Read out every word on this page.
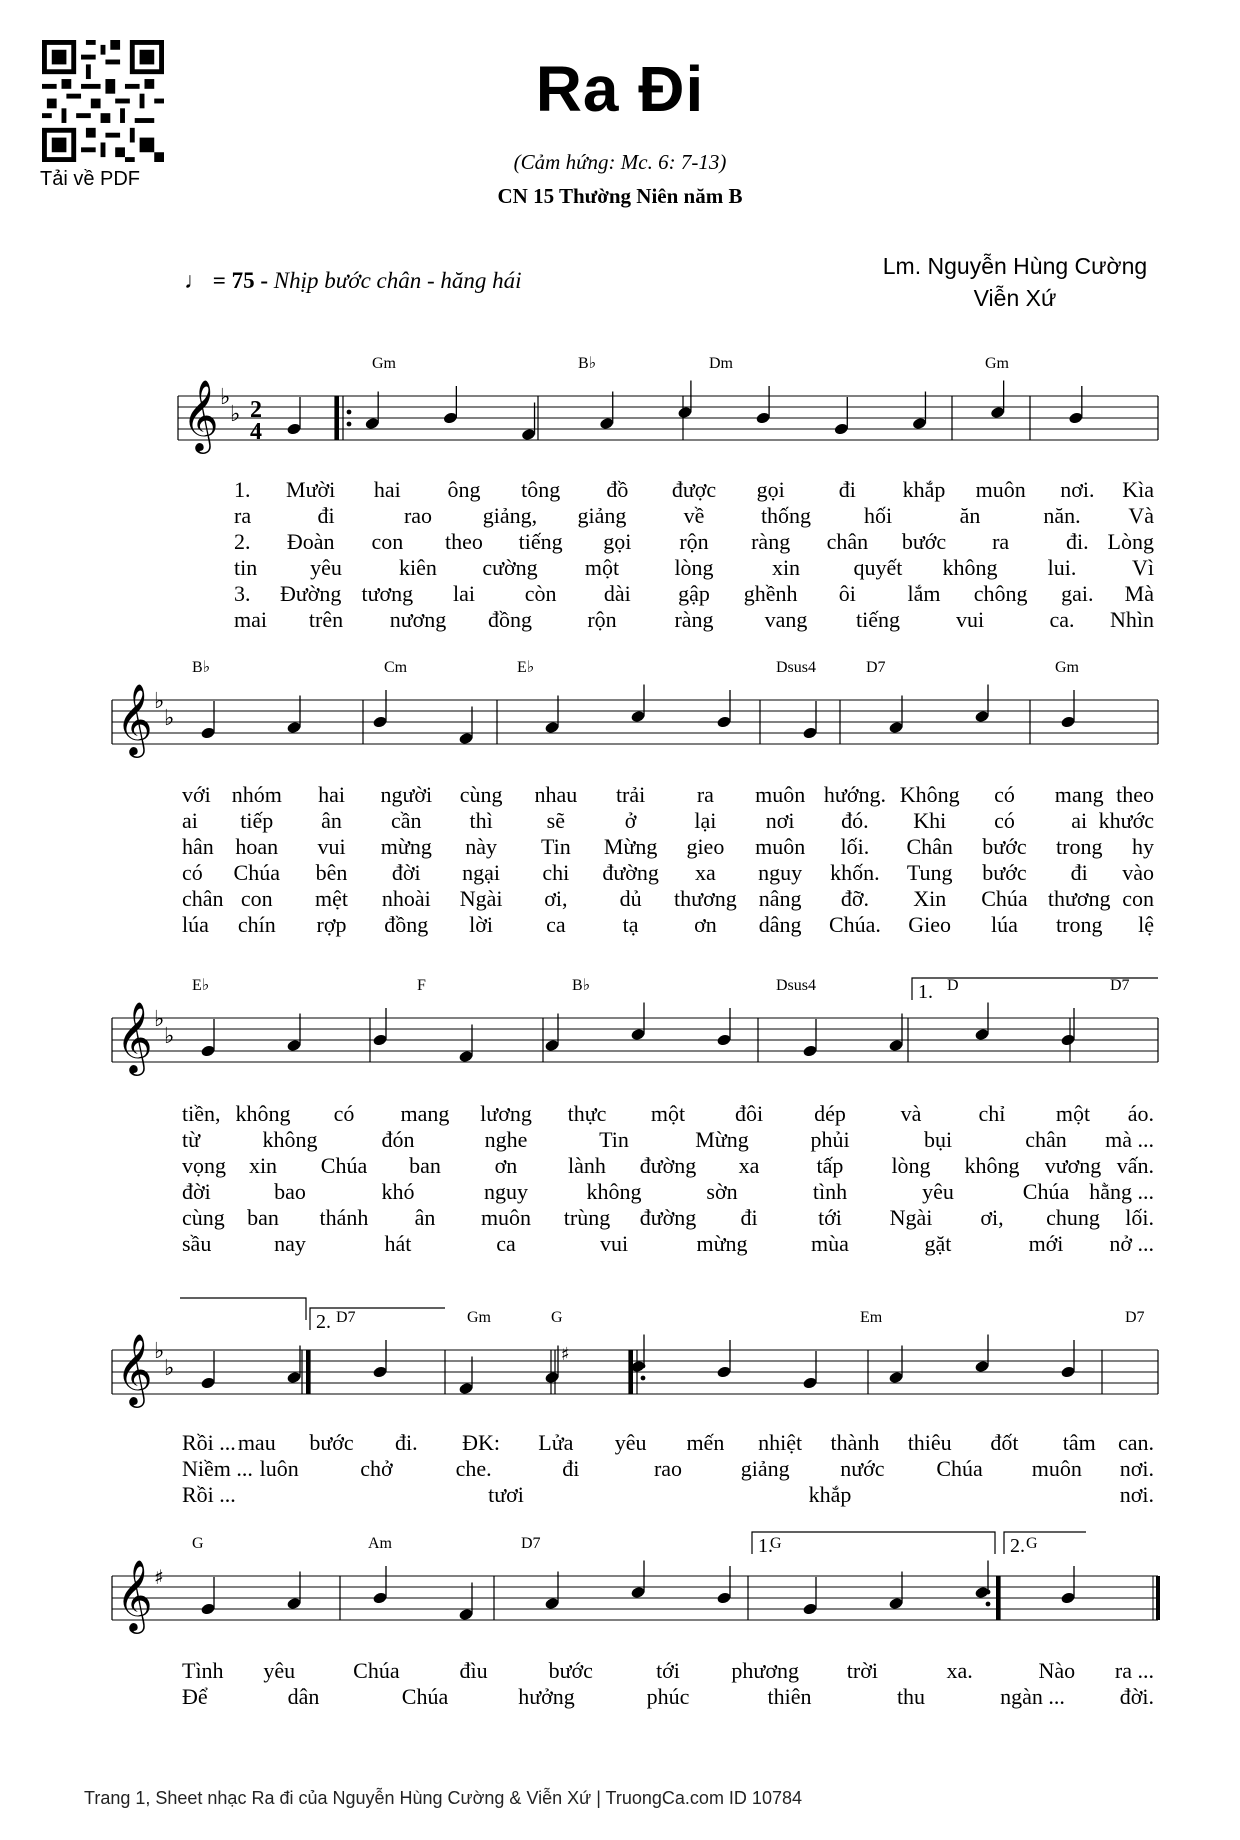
Tải về PDF
Ra Đi
(Cảm hứng: Mc. 6: 7-13)
CN 15 Thường Niên năm B
♩ = 75 - Nhịp bước chân - hăng hái
Lm. Nguyễn Hùng Cường
Viễn Xứ
𝄞 ♭
♭ 2
4
Gm	B♭	Dm	Gm
1. Mười hai ông tông đồ được gọi đi khắp muôn nơi. Kìa
ra	đi	rao giảng, giảng	về	thống hối	ăn	năn. Và
2. Đoàn con theo tiếng gọi rộn ràng chân bước ra	đi. Lòng
tin yêu	kiên cường một	lòng	xin quyết không lui.	Vì
3. Đường tương lai còn dài gập ghềnh ôi lắm chông gai. Mà
mai trên nương đồng	rộn	ràng vang tiếng	vui	ca. Nhìn
𝄞 ♭
♭
B♭	Cm	E♭	Dsus4	D7	Gm
với nhóm hai người cùng nhau trải ra muôn hướng. Không có mang theo
ai tiếp ân cần thì sẽ	ở	lại nơi đó. Khi có	ai khước
hân hoan vui mừng này Tin Mừng gieo muôn lối. Chân bước trong hy
có Chúa bên đời ngại chi đường xa nguy khốn. Tung bước đi vào
chân con mệt nhoài Ngài ơi, dủ thương nâng đỡ. Xin Chúa thương con
lúa chín rợp đồng lời ca	tạ	ơn dâng Chúa. Gieo lúa trong lệ
𝄞 ♭
♭
E♭	F	B♭	Dsus4	D	D7
1.
tiền, không có mang lương thực một đôi dép và	chỉ một áo.
từ	không	đón	nghe	Tin	Mừng	phủi	bụi	chân mà ...
vọng xin Chúa ban ơn lành đường xa	tấp lòng không vương vấn.
đời	bao	khó	nguy	không	sờn	tình	yêu	Chúa hằng ...
cùng ban thánh ân muôn trùng đường đi	tới Ngài ơi, chung lối.
sầu	nay	hát	ca	vui	mừng	mùa	gặt	mới nở ...
𝄞 ♭
♭
♯
D7	Gm	G	Em	D7
2.
Rồi ... mau bước đi. ĐK: Lửa yêu mến nhiệt thành thiêu đốt tâm can.
Niềm ... luôn	chở	che.	đi	rao	giảng nước Chúa muôn nơi.
Rồi ...	tươi	khắp	nơi.
𝄞 ♯
G	Am	D7	G	G
1.	2.
Tình yêu	Chúa	đìu	bước	tới phương trời	xa.	Nào ra ...
Để	dân	Chúa	hưởng	phúc	thiên	thu	ngàn ... đời.
Trang 1, Sheet nhạc Ra đi của Nguyễn Hùng Cường & Viễn Xứ | TruongCa.com ID 10784
